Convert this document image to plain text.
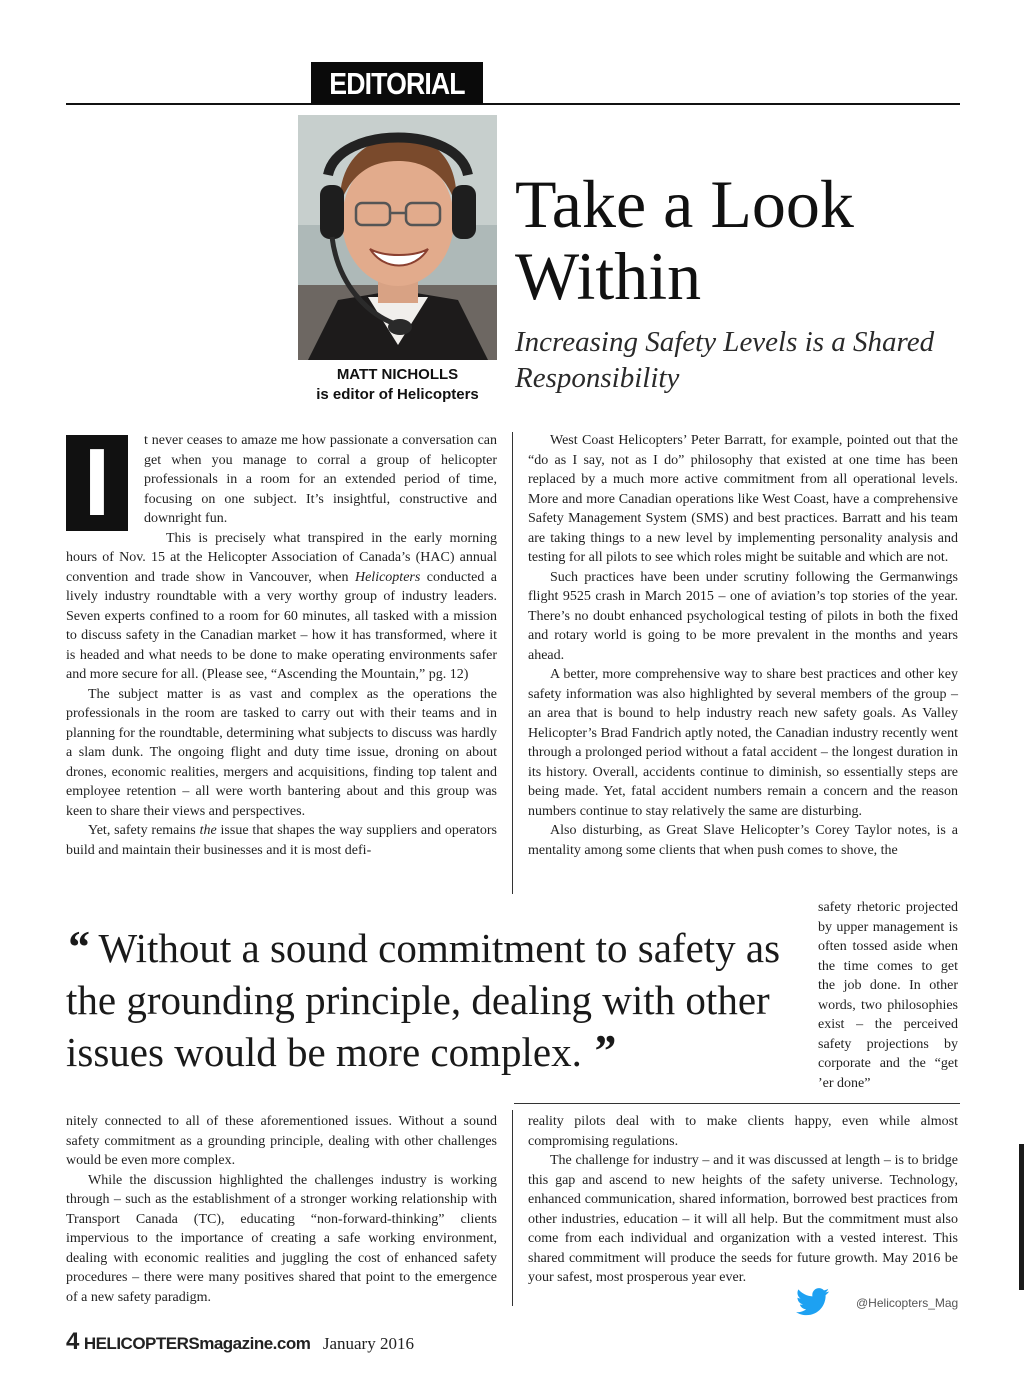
EDITORIAL
MATT NICHOLLS
is editor of Helicopters
Take a Look Within
Increasing Safety Levels is a Shared Responsibility
I	t never ceases to amaze me how passionate a conversation can get when you manage to corral a group of helicopter professionals in a room for an extended period of time, focusing on one subject. It’s insightful, constructive and downright fun.

This is precisely what transpired in the early morning hours of Nov. 15 at the Helicopter Association of Canada’s (HAC) annual convention and trade show in Vancouver, when Helicopters conducted a lively industry roundtable with a very worthy group of industry leaders. Seven experts confined to a room for 60 minutes, all tasked with a mission to discuss safety in the Canadian market – how it has transformed, where it is headed and what needs to be done to make operating environments safer and more secure for all. (Please see, “Ascending the Mountain,” pg. 12)

The subject matter is as vast and complex as the operations the professionals in the room are tasked to carry out with their teams and in planning for the roundtable, determining what subjects to discuss was hardly a slam dunk. The ongoing flight and duty time issue, droning on about drones, economic realities, mergers and acquisitions, finding top talent and employee retention – all were worth bantering about and this group was keen to share their views and perspectives.

Yet, safety remains the issue that shapes the way suppliers and operators build and maintain their businesses and it is most defi-

West Coast Helicopters’ Peter Barratt, for example, pointed out that the “do as I say, not as I do” philosophy that existed at one time has been replaced by a much more active commitment from all operational levels. More and more Canadian operations like West Coast, have a comprehensive Safety Management System (SMS) and best practices. Barratt and his team are taking things to a new level by implementing personality analysis and testing for all pilots to see which roles might be suitable and which are not.

Such practices have been under scrutiny following the Germanwings flight 9525 crash in March 2015 – one of aviation’s top stories of the year. There’s no doubt enhanced psychological testing of pilots in both the fixed and rotary world is going to be more prevalent in the months and years ahead.

A better, more comprehensive way to share best practices and other key safety information was also highlighted by several members of the group – an area that is bound to help industry reach new safety goals. As Valley Helicopter’s Brad Fandrich aptly noted, the Canadian industry recently went through a prolonged period without a fatal accident – the longest duration in its history. Overall, accidents continue to diminish, so essentially steps are being made. Yet, fatal accident numbers remain a concern and the reason numbers continue to stay relatively the same are disturbing.

Also disturbing, as Great Slave Helicopter’s Corey Taylor notes, is a mentality among some clients that when push comes to shove, the

safety rhetoric projected by upper management is often tossed aside when the time comes to get the job done. In other words, two philosophies exist – the perceived safety projections by corporate and the “get ’er done”

“ Without a sound commitment to safety as the grounding principle, dealing with other issues would be more complex. ”

nitely connected to all of these aforementioned issues. Without a sound safety commitment as a grounding principle, dealing with other challenges would be even more complex.

While the discussion highlighted the challenges industry is working through – such as the establishment of a stronger working relationship with Transport Canada (TC), educating “non-forward-thinking” clients impervious to the importance of creating a safe working environment, dealing with economic realities and juggling the cost of enhanced safety procedures – there were many positives shared that point to the emergence of a new safety paradigm.

reality pilots deal with to make clients happy, even while almost compromising regulations.

The challenge for industry – and it was discussed at length – is to bridge this gap and ascend to new heights of the safety universe. Technology, enhanced communication, shared information, borrowed best practices from other industries, education – it will all help. But the commitment must also come from each individual and organization with a vested interest. This shared commitment will produce the seeds for future growth. May 2016 be your safest, most prosperous year ever.

@Helicopters_Mag
4 HELICOPTERSmagazine.com January 2016
